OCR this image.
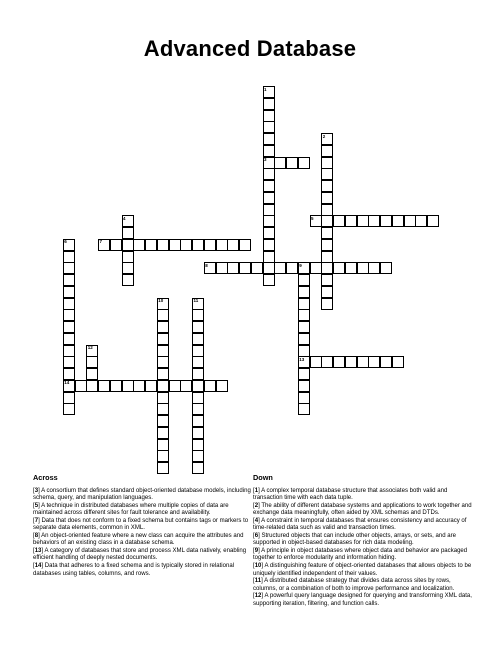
Advanced Database
1
2
3
4	5
6	7
8	9
10	11
12
13
14
Across
[3] A consortium that defines standard object-oriented database models, including schema, query, and manipulation languages.
[5] A technique in distributed databases where multiple copies of data are maintained across different sites for fault tolerance and availability.
[7] Data that does not conform to a fixed schema but contains tags or markers to separate data elements, common in XML.
[8] An object-oriented feature where a new class can acquire the attributes and behaviors of an existing class in a database schema.
[13] A category of databases that store and process XML data natively, enabling efficient handling of deeply nested documents.
[14] Data that adheres to a fixed schema and is typically stored in relational databases using tables, columns, and rows.
Down
[1] A complex temporal database structure that associates both valid and transaction time with each data tuple.
[2] The ability of different database systems and applications to work together and exchange data meaningfully, often aided by XML schemas and DTDs.
[4] A constraint in temporal databases that ensures consistency and accuracy of time-related data such as valid and transaction times.
[6] Structured objects that can include other objects, arrays, or sets, and are supported in object-based databases for rich data modeling.
[9] A principle in object databases where object data and behavior are packaged together to enforce modularity and information hiding.
[10] A distinguishing feature of object-oriented databases that allows objects to be uniquely identified independent of their values.
[11] A distributed database strategy that divides data across sites by rows, columns, or a combination of both to improve performance and localization.
[12] A powerful query language designed for querying and transforming XML data, supporting iteration, filtering, and function calls.
